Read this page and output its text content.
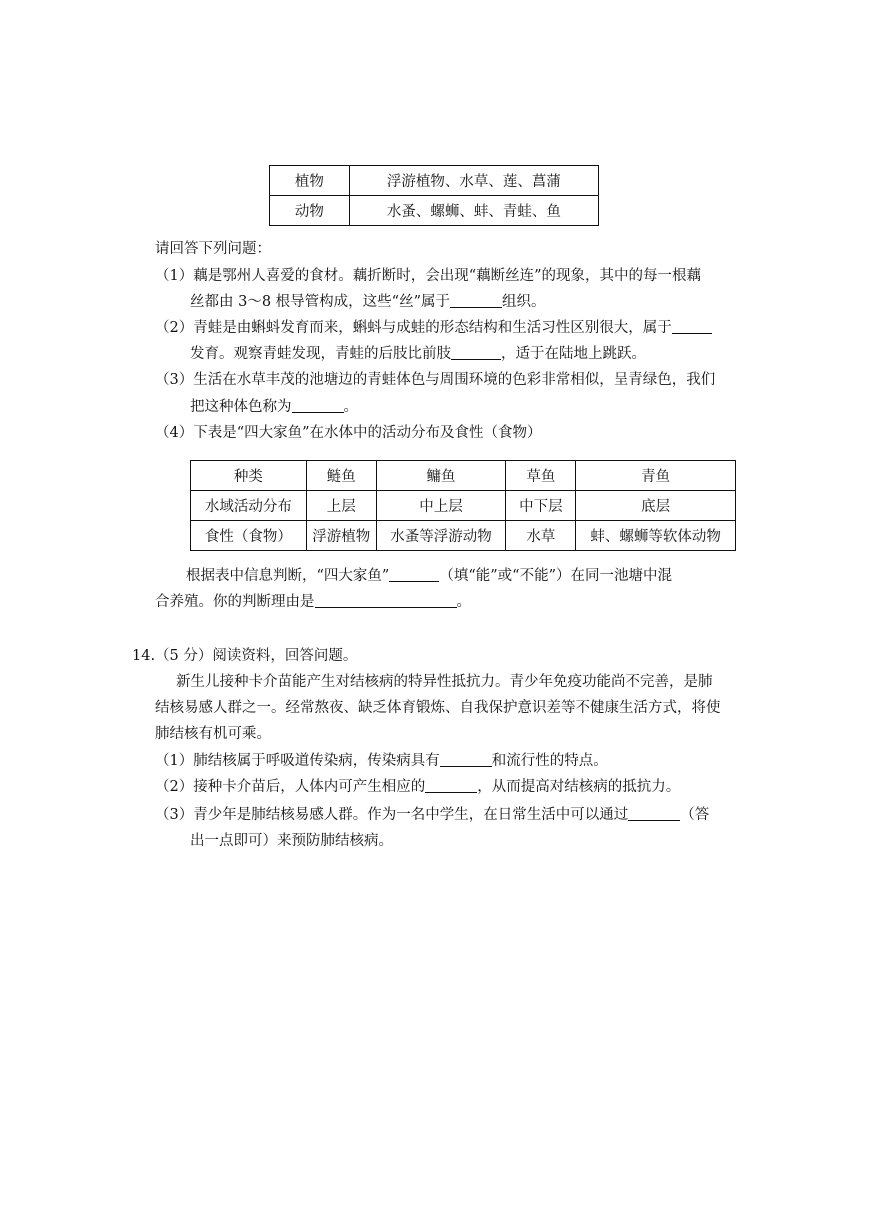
植物	浮游植物、水草、莲、菖蒲
动物	水蚤、螺蛳、蚌、青蛙、鱼
请回答下列问题：
（1）藕是鄂州人喜爱的食材。藕折断时，会出现“藕断丝连”的现象，其中的每一根藕
丝都由 3～8 根导管构成，这些“丝”属于	组织。
（2）青蛙是由蝌蚪发育而来，蝌蚪与成蛙的形态结构和生活习性区别很大，属于
发育。观察青蛙发现，青蛙的后肢比前肢	，适于在陆地上跳跃。
（3）生活在水草丰茂的池塘边的青蛙体色与周围环境的色彩非常相似，呈青绿色，我们
把这种体色称为	。
（4）下表是“四大家鱼”在水体中的活动分布及食性（食物）
种类	鲢鱼	鳙鱼	草鱼	青鱼
水域活动分布	上层	中上层	中下层	底层
食性（食物）	浮游植物	水蚤等浮游动物	水草	蚌、螺蛳等软体动物
根据表中信息判断，“四大家鱼”	（填“能”或“不能”）在同一池塘中混
合养殖。你的判断理由是	。
14.（5 分）阅读资料，回答问题。
新生儿接种卡介苗能产生对结核病的特异性抵抗力。青少年免疫功能尚不完善，是肺
结核易感人群之一。经常熬夜、缺乏体育锻炼、自我保护意识差等不健康生活方式，将使
肺结核有机可乘。
（1）肺结核属于呼吸道传染病，传染病具有	和流行性的特点。
（2）接种卡介苗后，人体内可产生相应的	，从而提高对结核病的抵抗力。
（3）青少年是肺结核易感人群。作为一名中学生，在日常生活中可以通过	（答
出一点即可）来预防肺结核病。
